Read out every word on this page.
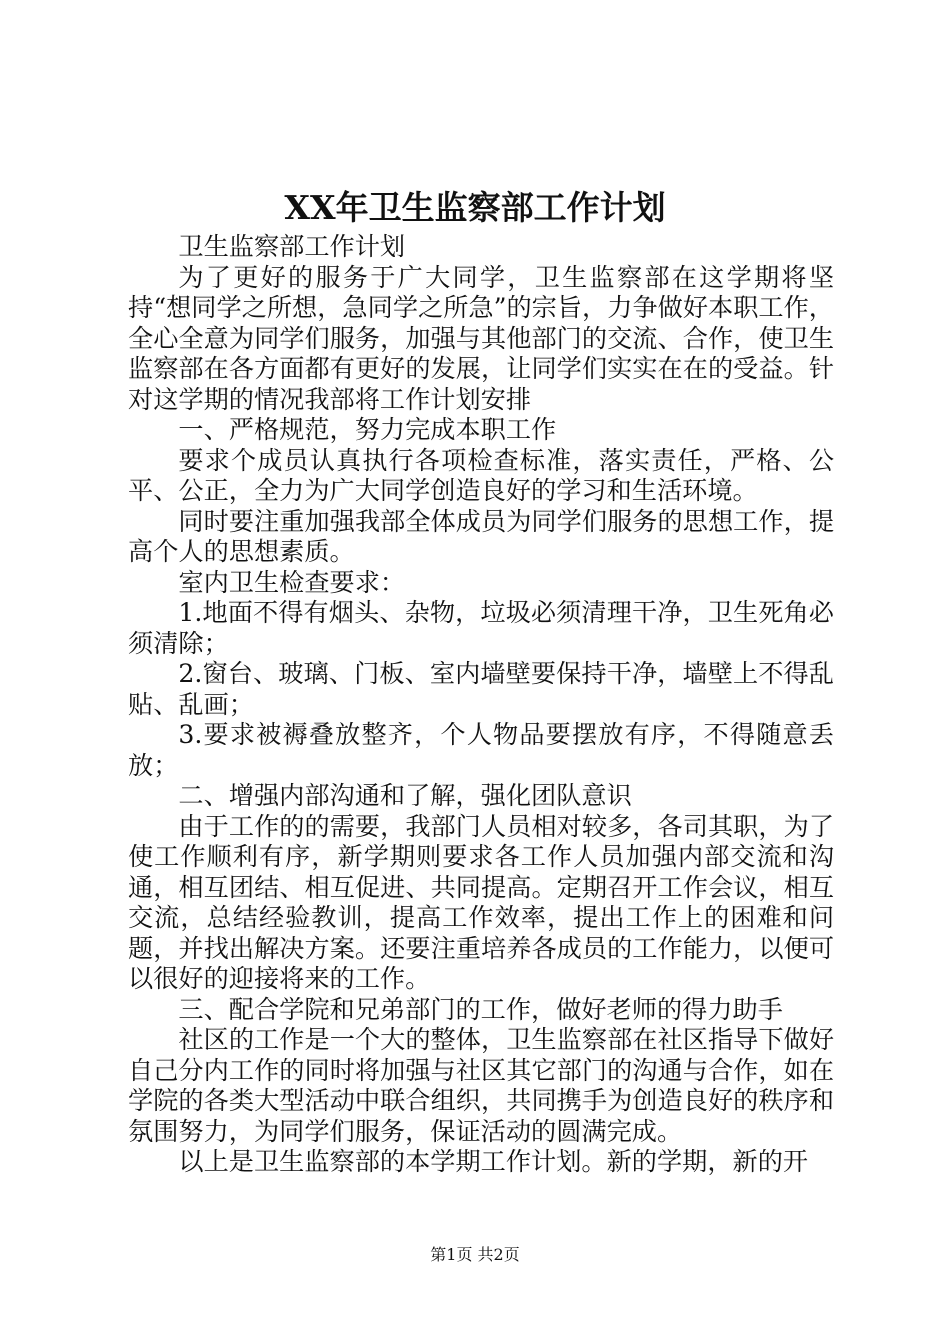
XX年卫生监察部工作计划

卫生监察部工作计划

为了更好的服务于广大同学，卫生监察部在这学期将坚持“想同学之所想，急同学之所急”的宗旨，力争做好本职工作，全心全意为同学们服务，加强与其他部门的交流、合作，使卫生监察部在各方面都有更好的发展，让同学们实实在在的受益。针对这学期的情况我部将工作计划安排

一、严格规范，努力完成本职工作

要求个成员认真执行各项检查标准，落实责任，严格、公平、公正，全力为广大同学创造良好的学习和生活环境。

同时要注重加强我部全体成员为同学们服务的思想工作，提高个人的思想素质。

室内卫生检查要求：

1.地面不得有烟头、杂物，垃圾必须清理干净，卫生死角必须清除；

2.窗台、玻璃、门板、室内墙壁要保持干净，墙壁上不得乱贴、乱画；

3.要求被褥叠放整齐，个人物品要摆放有序，不得随意丢放；

二、增强内部沟通和了解，强化团队意识

由于工作的的需要，我部门人员相对较多，各司其职，为了使工作顺利有序，新学期则要求各工作人员加强内部交流和沟通，相互团结、相互促进、共同提高。定期召开工作会议，相互交流，总结经验教训，提高工作效率，提出工作上的困难和问题，并找出解决方案。还要注重培养各成员的工作能力，以便可以很好的迎接将来的工作。

三、配合学院和兄弟部门的工作，做好老师的得力助手

社区的工作是一个大的整体，卫生监察部在社区指导下做好自己分内工作的同时将加强与社区其它部门的沟通与合作，如在学院的各类大型活动中联合组织，共同携手为创造良好的秩序和氛围努力，为同学们服务，保证活动的圆满完成。

以上是卫生监察部的本学期工作计划。新的学期，新的开

第1页 共2页
